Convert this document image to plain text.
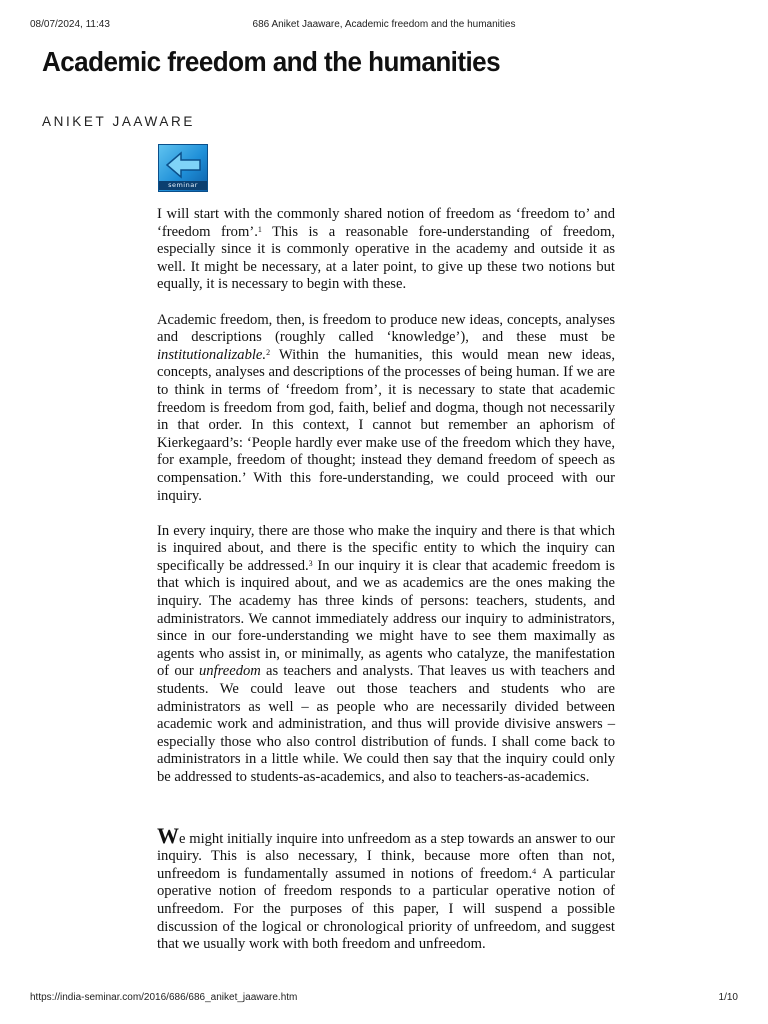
08/07/2024, 11:43	686 Aniket Jaaware, Academic freedom and the humanities
Academic freedom and the humanities
ANIKET JAAWARE
seminar

I will start with the commonly shared notion of freedom as ‘freedom to’ and ‘freedom from’.$^1$ This is a reasonable fore-understanding of freedom, especially since it is commonly operative in the academy and outside it as well. It might be necessary, at a later point, to give up these two notions but equally, it is necessary to begin with these.

Academic freedom, then, is freedom to produce new ideas, concepts, analyses and descriptions (roughly called ‘knowledge’), and these must be institutionalizable.$^2$ Within the humanities, this would mean new ideas, concepts, analyses and descriptions of the processes of being human. If we are to think in terms of ‘freedom from’, it is necessary to state that academic freedom is freedom from god, faith, belief and dogma, though not necessarily in that order. In this context, I cannot but remember an aphorism of Kierkegaard’s: ‘People hardly ever make use of the freedom which they have, for example, freedom of thought; instead they demand freedom of speech as compensation.’ With this fore-understanding, we could proceed with our inquiry.

In every inquiry, there are those who make the inquiry and there is that which is inquired about, and there is the specific entity to which the inquiry can specifically be addressed.$^3$ In our inquiry it is clear that academic freedom is that which is inquired about, and we as academics are the ones making the inquiry. The academy has three kinds of persons: teachers, students, and administrators. We cannot immediately address our inquiry to administrators, since in our fore-understanding we might have to see them maximally as agents who assist in, or minimally, as agents who catalyze, the manifestation of our unfreedom as teachers and analysts. That leaves us with teachers and students. We could leave out those teachers and students who are administrators as well – as people who are necessarily divided between academic work and administration, and thus will provide divisive answers – especially those who also control distribution of funds. I shall come back to administrators in a little while. We could then say that the inquiry could only be addressed to students-as-academics, and also to teachers-as-academics.

We might initially inquire into unfreedom as a step towards an answer to our inquiry. This is also necessary, I think, because more often than not, unfreedom is fundamentally assumed in notions of freedom.$^4$ A particular operative notion of freedom responds to a particular operative notion of unfreedom. For the purposes of this paper, I will suspend a possible discussion of the logical or chronological priority of unfreedom, and suggest that we usually work with both freedom and unfreedom.

https://india-seminar.com/2016/686/686_aniket_jaaware.htm	1/10
